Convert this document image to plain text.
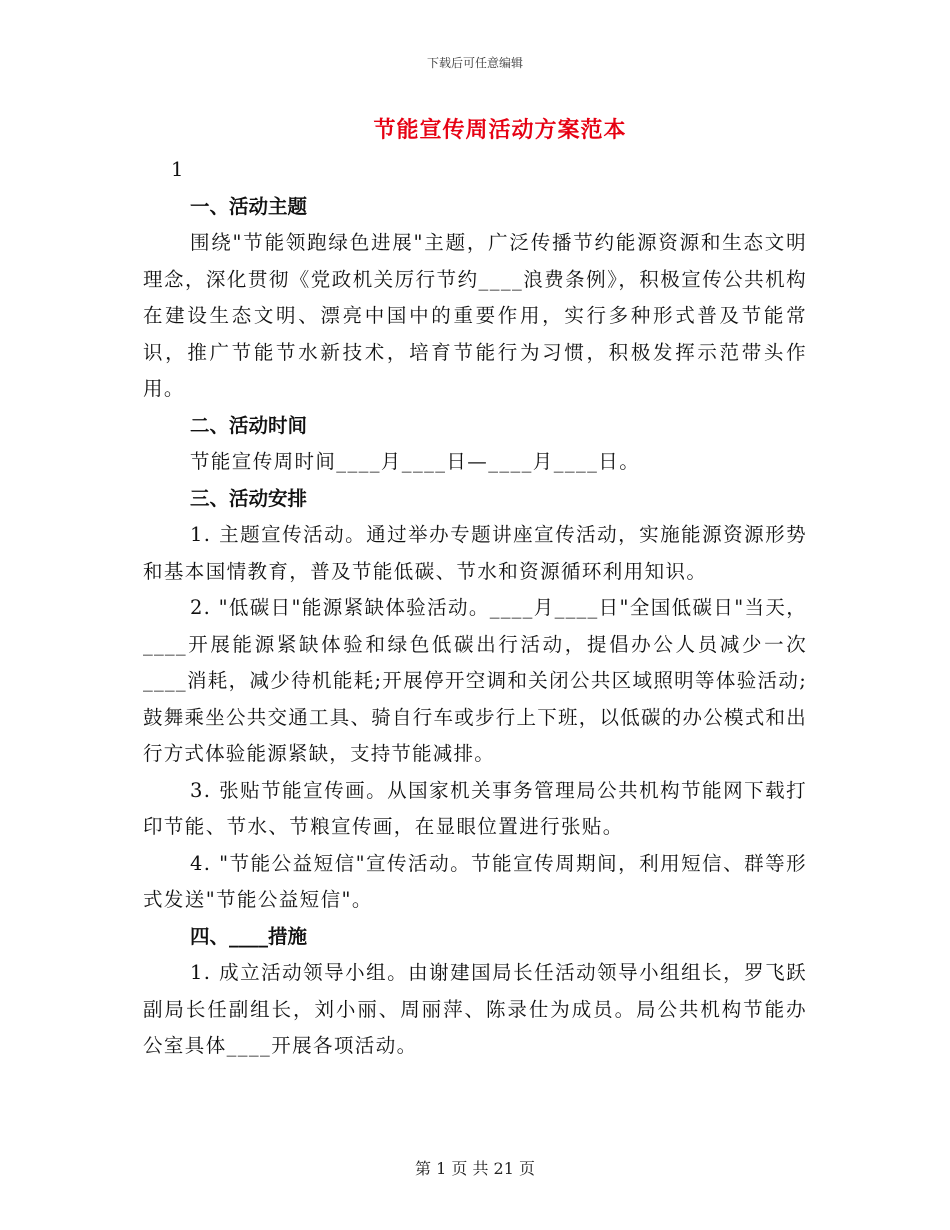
下载后可任意编辑
节能宣传周活动方案范本
1
一、活动主题
围绕"节能领跑绿色进展"主题，广泛传播节约能源资源和生态文明理念，深化贯彻《党政机关厉行节约____浪费条例》，积极宣传公共机构在建设生态文明、漂亮中国中的重要作用，实行多种形式普及节能常识，推广节能节水新技术，培育节能行为习惯，积极发挥示范带头作用。
二、活动时间
节能宣传周时间____月____日—____月____日。
三、活动安排
1. 主题宣传活动。通过举办专题讲座宣传活动，实施能源资源形势和基本国情教育，普及节能低碳、节水和资源循环利用知识。
2. "低碳日"能源紧缺体验活动。____月____日"全国低碳日"当天，____开展能源紧缺体验和绿色低碳出行活动，提倡办公人员减少一次____消耗，减少待机能耗;开展停开空调和关闭公共区域照明等体验活动;鼓舞乘坐公共交通工具、骑自行车或步行上下班，以低碳的办公模式和出行方式体验能源紧缺，支持节能减排。
3. 张贴节能宣传画。从国家机关事务管理局公共机构节能网下载打印节能、节水、节粮宣传画，在显眼位置进行张贴。
4. "节能公益短信"宣传活动。节能宣传周期间，利用短信、群等形式发送"节能公益短信"。
四、____措施
1. 成立活动领导小组。由谢建国局长任活动领导小组组长，罗飞跃副局长任副组长，刘小丽、周丽萍、陈录仕为成员。局公共机构节能办公室具体____开展各项活动。
第 1 页 共 21 页
